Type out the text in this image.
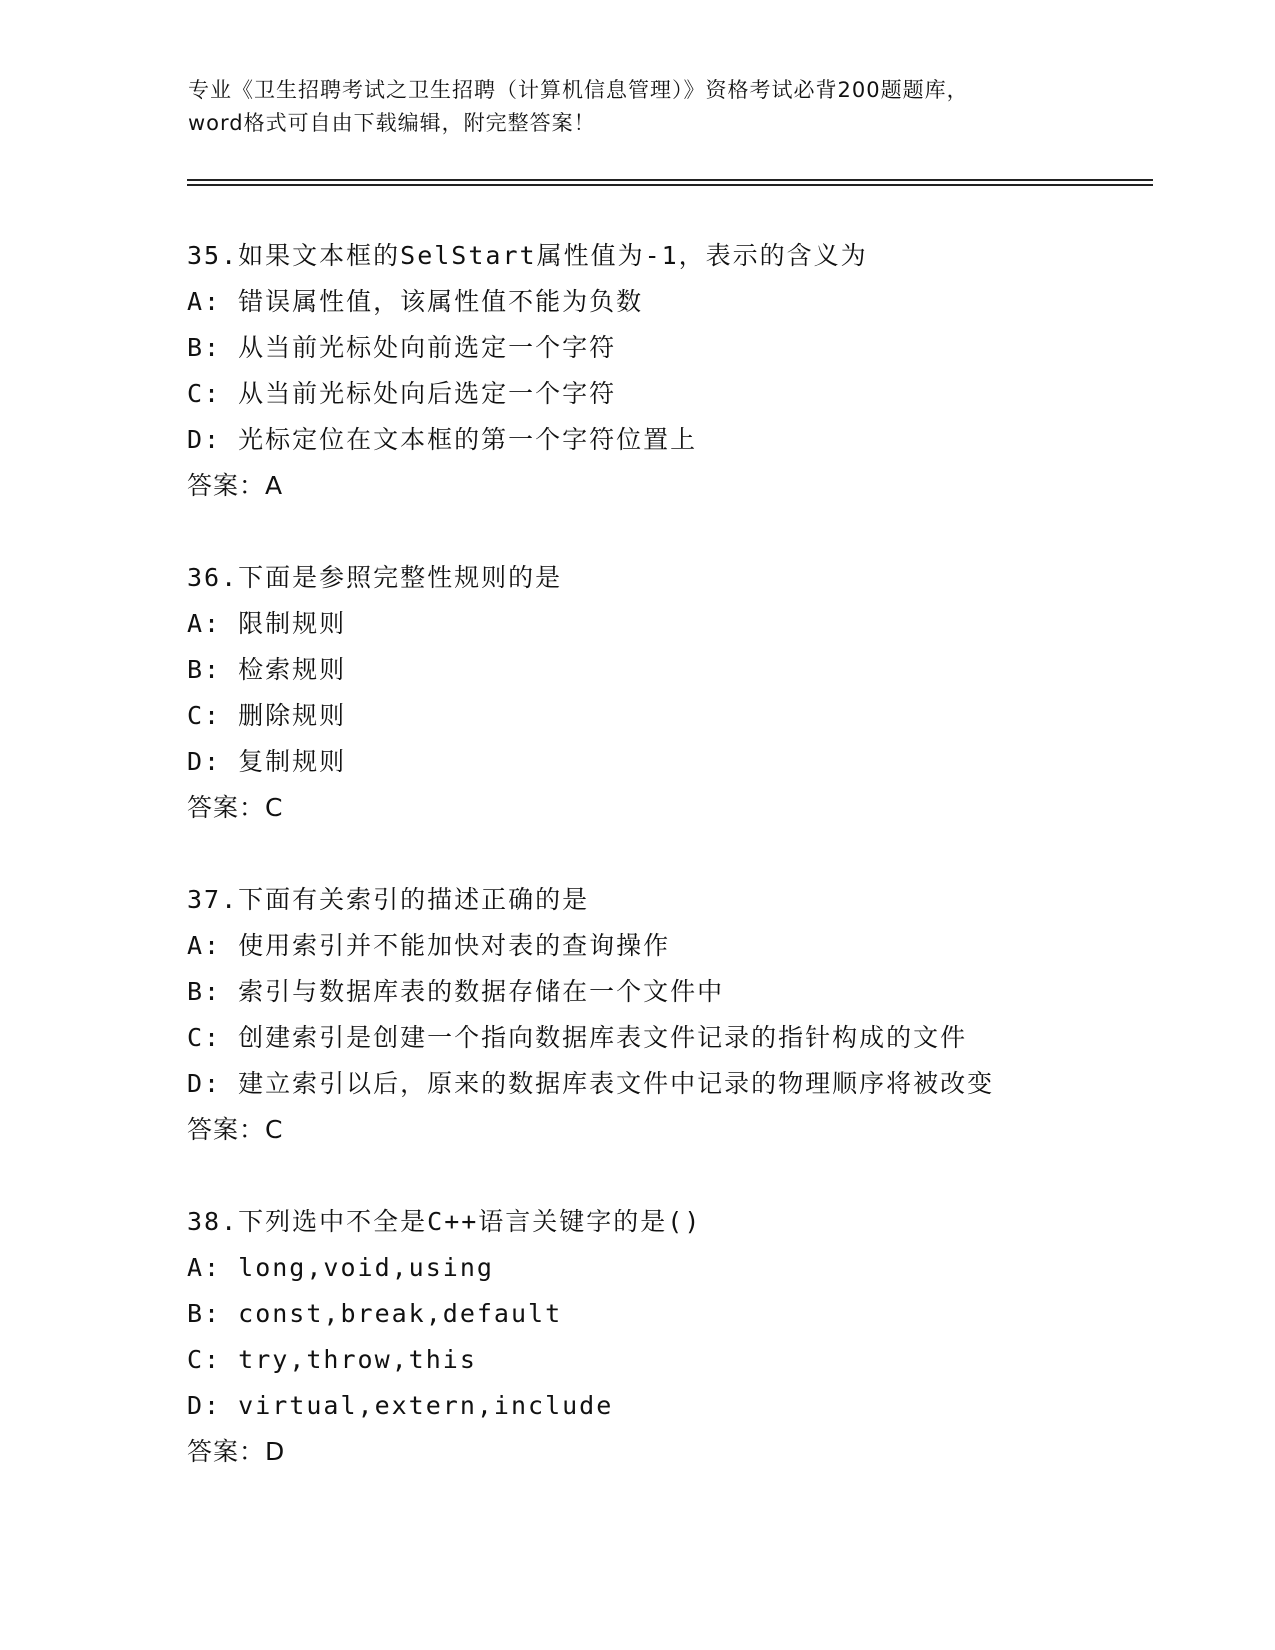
专业《卫生招聘考试之卫生招聘（计算机信息管理）》资格考试必背200题题库，
word格式可自由下载编辑，附完整答案！
35.如果文本框的SelStart属性值为-1，表示的含义为
A: 错误属性值，该属性值不能为负数
B: 从当前光标处向前选定一个字符
C: 从当前光标处向后选定一个字符
D: 光标定位在文本框的第一个字符位置上
答案：A
36.下面是参照完整性规则的是
A: 限制规则
B: 检索规则
C: 删除规则
D: 复制规则
答案：C
37.下面有关索引的描述正确的是
A: 使用索引并不能加快对表的查询操作
B: 索引与数据库表的数据存储在一个文件中
C: 创建索引是创建一个指向数据库表文件记录的指针构成的文件
D: 建立索引以后，原来的数据库表文件中记录的物理顺序将被改变
答案：C
38.下列选中不全是C++语言关键字的是()
A: long,void,using
B: const,break,default
C: try,throw,this
D: virtual,extern,include
答案：D
